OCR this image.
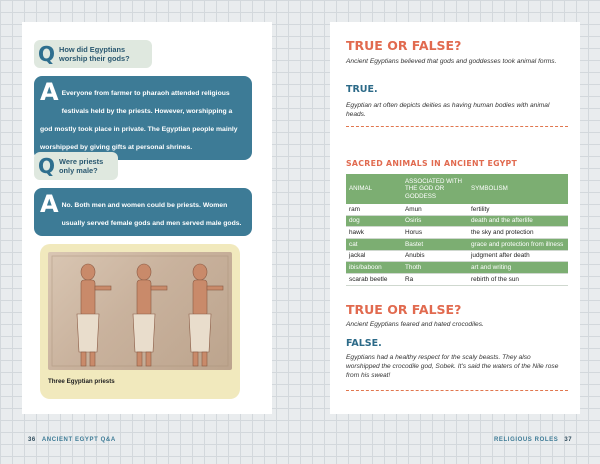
Q How did Egyptians worship their gods?
A Everyone from farmer to pharaoh attended religious festivals held by the priests. However, worshipping a god mostly took place in private. The Egyptian people mainly worshipped by giving gifts at personal shrines.
Q Were priests only male?
A No. Both men and women could be priests. Women usually served female gods and men served male gods.
Three Egyptian priests
36 ANCIENT EGYPT Q&A
TRUE OR FALSE?
Ancient Egyptians believed that gods and goddesses took animal forms.
TRUE.
Egyptian art often depicts deities as having human bodies with animal heads.
SACRED ANIMALS IN ANCIENT EGYPT
ANIMAL	ASSOCIATED WITH THE GOD OR GODDESS	SYMBOLISM
ram	Amun	fertility
dog	Osiris	death and the afterlife
hawk	Horus	the sky and protection
cat	Bastet	grace and protection from illness
jackal	Anubis	judgment after death
ibis/baboon	Thoth	art and writing
scarab beetle	Ra	rebirth of the sun
TRUE OR FALSE?
Ancient Egyptians feared and hated crocodiles.
FALSE.
Egyptians had a healthy respect for the scaly beasts. They also worshipped the crocodile god, Sobek. It's said the waters of the Nile rose from his sweat!
RELIGIOUS ROLES 37
